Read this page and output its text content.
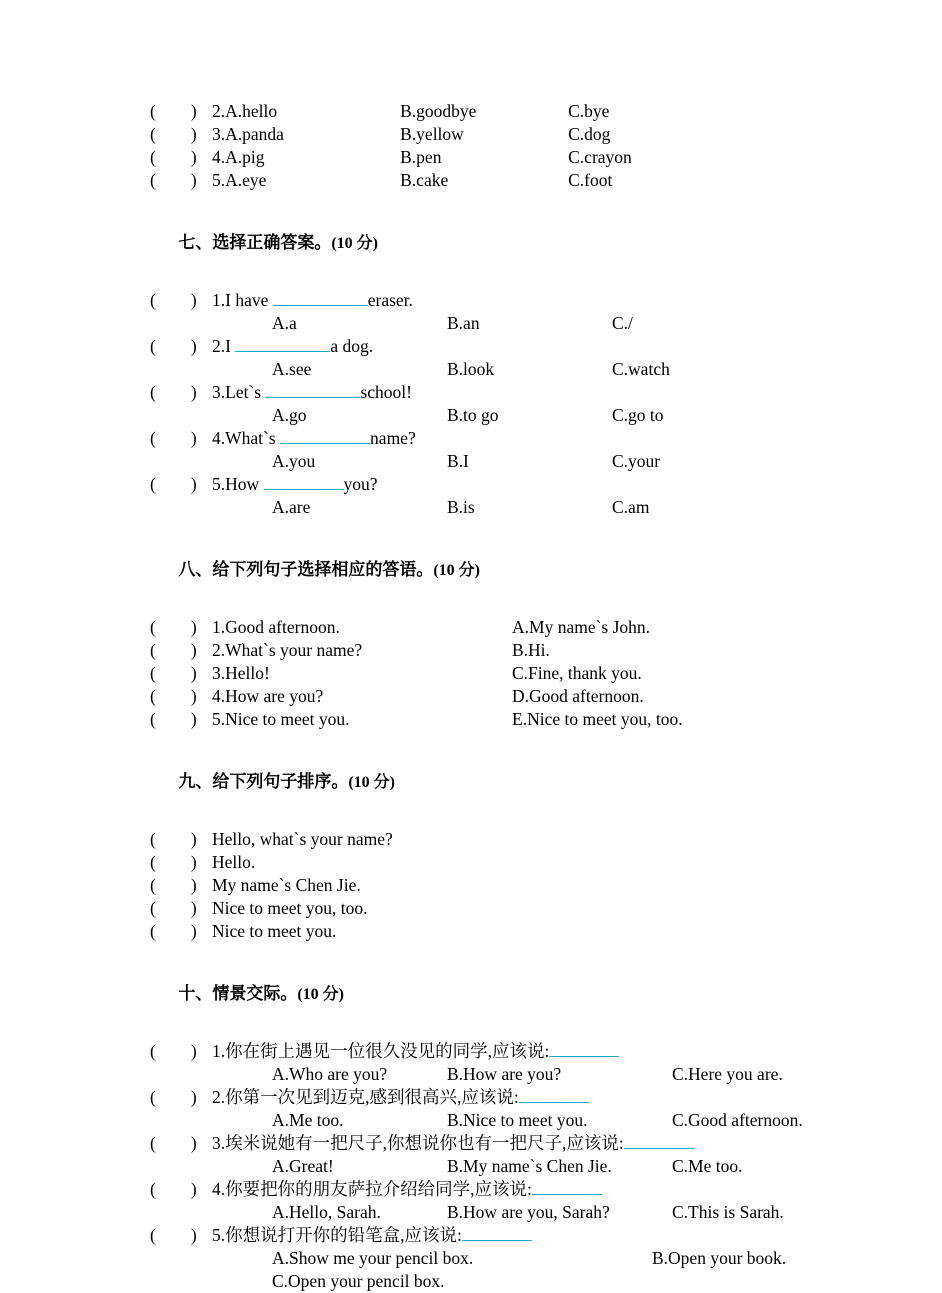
(        ) 2. A.hello	B.goodbye	C.bye
(        ) 3. A.panda	B.yellow	C.dog
(        ) 4. A.pig	B.pen	C.crayon
(        ) 5. A.eye	B.cake	C.foot

七、选择正确答案。(10 分)

(        ) 1. I have	eraser.
A.a	B.an	C./
(        ) 2. I	a dog.
A.see	B.look	C.watch
(        ) 3. Let`s	school!
A.go	B.to go	C.go to
(        ) 4. What`s	name?
A.you	B.I	C.your
(        ) 5. How	you?
A.are	B.is	C.am

八、给下列句子选择相应的答语。(10 分)

(        ) 1.Good afternoon.	A.My name`s John.
(        ) 2.What`s your name?	B.Hi.
(        ) 3.Hello!	C.Fine, thank you.
(        ) 4.How are you?	D.Good afternoon.
(        ) 5.Nice to meet you.	E.Nice to meet you, too.

九、给下列句子排序。(10 分)

(        ) Hello, what`s your name?
(        ) Hello.
(        ) My name`s Chen Jie.
(        ) Nice to meet you, too.
(        ) Nice to meet you.

十、情景交际。(10 分)

(        ) 1. 你在街上遇见一位很久没见的同学,应该说:
A.Who are you?	B.How are you?	C.Here you are.
(        ) 2. 你第一次见到迈克,感到很高兴,应该说:
A.Me too.	B.Nice to meet you.	C.Good afternoon.
(        ) 3. 埃米说她有一把尺子,你想说你也有一把尺子,应该说:
A.Great!	B.My name`s Chen Jie.	C.Me too.
(        ) 4. 你要把你的朋友萨拉介绍给同学,应该说:
A.Hello, Sarah.	B.How are you, Sarah?	C.This is Sarah.
(        ) 5. 你想说打开你的铅笔盒,应该说:
A.Show me your pencil box.	B.Open your book.
C.Open your pencil box.
